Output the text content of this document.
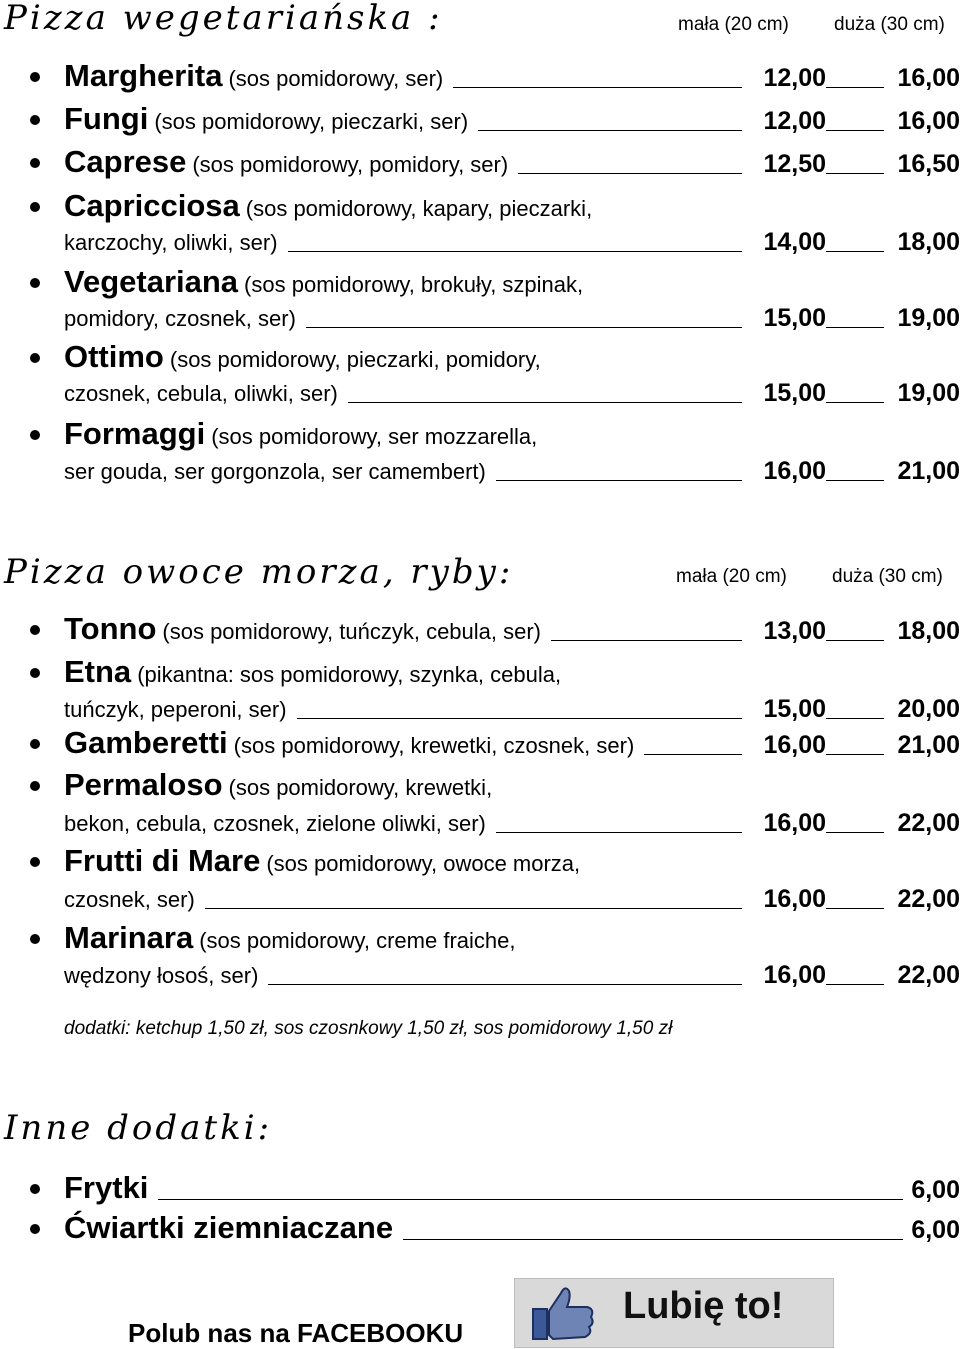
Pizza wegetariańska :	mała (20 cm) duża (30 cm)
Margherita (sos pomidorowy, ser)	12,00	16,00
Fungi (sos pomidorowy, pieczarki, ser)	12,00	16,00
Caprese (sos pomidorowy, pomidory, ser)	12,50	16,50
Capricciosa (sos pomidorowy, kapary, pieczarki,
karczochy, oliwki, ser)	14,00	18,00
Vegetariana (sos pomidorowy, brokuły, szpinak,
pomidory, czosnek, ser)	15,00	19,00
Ottimo (sos pomidorowy, pieczarki, pomidory,
czosnek, cebula, oliwki, ser)	15,00	19,00
Formaggi (sos pomidorowy, ser mozzarella,
ser gouda, ser gorgonzola, ser camembert)	16,00	21,00
Pizza owoce morza, ryby:	mała (20 cm) duża (30 cm)
Tonno (sos pomidorowy, tuńczyk, cebula, ser)	13,00	18,00
Etna (pikantna: sos pomidorowy, szynka, cebula,
tuńczyk, peperoni, ser)	15,00	20,00
Gamberetti (sos pomidorowy, krewetki, czosnek, ser)	16,00	21,00
Permaloso (sos pomidorowy, krewetki,
bekon, cebula, czosnek, zielone oliwki, ser)	16,00	22,00
Frutti di Mare (sos pomidorowy, owoce morza,
czosnek, ser)	16,00	22,00
Marinara (sos pomidorowy, creme fraiche,
wędzony łosoś, ser)	16,00	22,00
dodatki: ketchup 1,50 zł, sos czosnkowy 1,50 zł, sos pomidorowy 1,50 zł
Inne dodatki:
Frytki	6,00
Ćwiartki ziemniaczane	6,00
Polub nas na FACEBOOKU
Lubię to!
